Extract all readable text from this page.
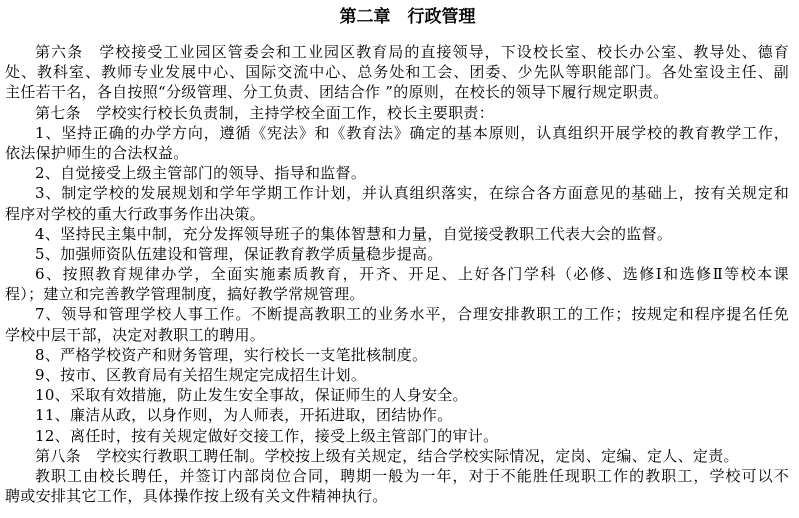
第二章　行政管理

第六条　学校接受工业园区管委会和工业园区教育局的直接领导，下设校长室、校长办公室、教导处、德育
处、教科室、教师专业发展中心、国际交流中心、总务处和工会、团委、少先队等职能部门。各处室设主任、副
主任若干名，各自按照“分级管理、分工负责、团结合作 ”的原则，在校长的领导下履行规定职责。

第七条　学校实行校长负责制，主持学校全面工作，校长主要职责：

1、坚持正确的办学方向，遵循《宪法》和《教育法》确定的基本原则，认真组织开展学校的教育教学工作，
依法保护师生的合法权益。

2、自觉接受上级主管部门的领导、指导和监督。

3、制定学校的发展规划和学年学期工作计划，并认真组织落实，在综合各方面意见的基础上，按有关规定和
程序对学校的重大行政事务作出决策。

4、坚持民主集中制，充分发挥领导班子的集体智慧和力量，自觉接受教职工代表大会的监督。

5、加强师资队伍建设和管理，保证教育教学质量稳步提高。

6、按照教育规律办学，全面实施素质教育，开齐、开足、上好各门学科（必修、选修Ⅰ和选修Ⅱ等校本课
程）；建立和完善教学管理制度，搞好教学常规管理。

7、领导和管理学校人事工作。不断提高教职工的业务水平，合理安排教职工的工作；按规定和程序提名任免
学校中层干部，决定对教职工的聘用。

8、严格学校资产和财务管理，实行校长一支笔批核制度。

9、按市、区教育局有关招生规定完成招生计划。

10、采取有效措施，防止发生安全事故，保证师生的人身安全。

11、廉洁从政，以身作则，为人师表，开拓进取，团结协作。

12、离任时，按有关规定做好交接工作，接受上级主管部门的审计。

第八条　学校实行教职工聘任制。学校按上级有关规定，结合学校实际情况，定岗、定编、定人、定责。

教职工由校长聘任，并签订内部岗位合同，聘期一般为一年，对于不能胜任现职工作的教职工，学校可以不
聘或安排其它工作，具体操作按上级有关文件精神执行。
